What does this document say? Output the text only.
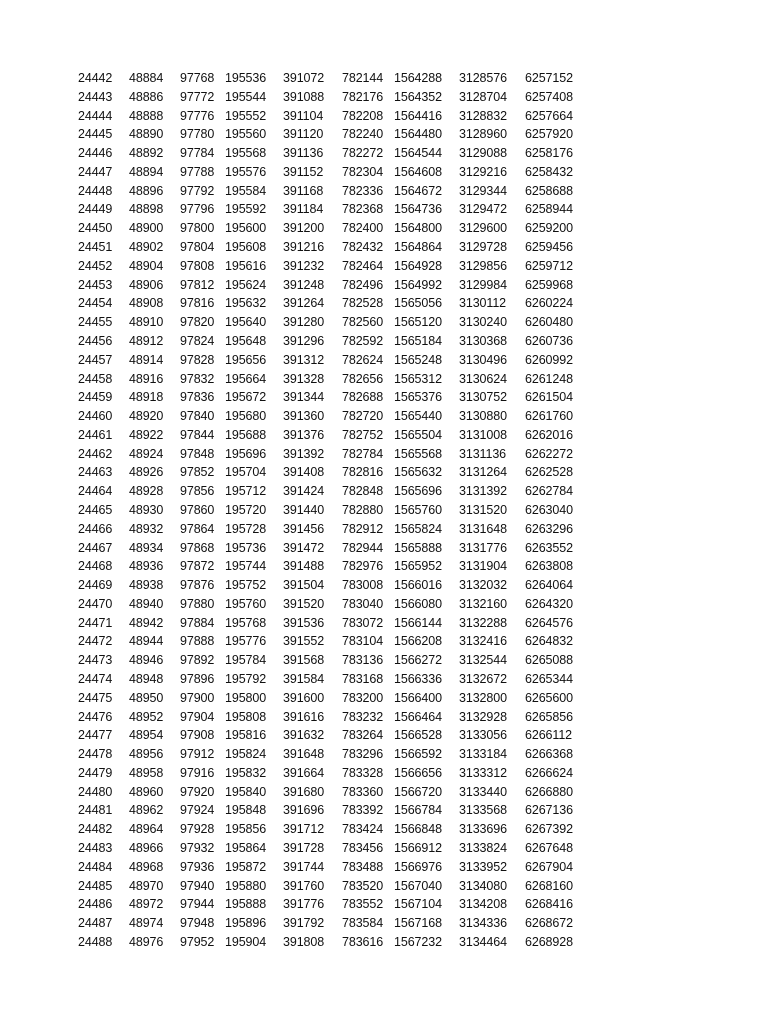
24442 48884 97768 195536 391072 782144 1564288 3128576 6257152
24443 48886 97772 195544 391088 782176 1564352 3128704 6257408
24444 48888 97776 195552 391104 782208 1564416 3128832 6257664
24445 48890 97780 195560 391120 782240 1564480 3128960 6257920
24446 48892 97784 195568 391136 782272 1564544 3129088 6258176
24447 48894 97788 195576 391152 782304 1564608 3129216 6258432
24448 48896 97792 195584 391168 782336 1564672 3129344 6258688
24449 48898 97796 195592 391184 782368 1564736 3129472 6258944
24450 48900 97800 195600 391200 782400 1564800 3129600 6259200
24451 48902 97804 195608 391216 782432 1564864 3129728 6259456
24452 48904 97808 195616 391232 782464 1564928 3129856 6259712
24453 48906 97812 195624 391248 782496 1564992 3129984 6259968
24454 48908 97816 195632 391264 782528 1565056 3130112 6260224
24455 48910 97820 195640 391280 782560 1565120 3130240 6260480
24456 48912 97824 195648 391296 782592 1565184 3130368 6260736
24457 48914 97828 195656 391312 782624 1565248 3130496 6260992
24458 48916 97832 195664 391328 782656 1565312 3130624 6261248
24459 48918 97836 195672 391344 782688 1565376 3130752 6261504
24460 48920 97840 195680 391360 782720 1565440 3130880 6261760
24461 48922 97844 195688 391376 782752 1565504 3131008 6262016
24462 48924 97848 195696 391392 782784 1565568 3131136 6262272
24463 48926 97852 195704 391408 782816 1565632 3131264 6262528
24464 48928 97856 195712 391424 782848 1565696 3131392 6262784
24465 48930 97860 195720 391440 782880 1565760 3131520 6263040
24466 48932 97864 195728 391456 782912 1565824 3131648 6263296
24467 48934 97868 195736 391472 782944 1565888 3131776 6263552
24468 48936 97872 195744 391488 782976 1565952 3131904 6263808
24469 48938 97876 195752 391504 783008 1566016 3132032 6264064
24470 48940 97880 195760 391520 783040 1566080 3132160 6264320
24471 48942 97884 195768 391536 783072 1566144 3132288 6264576
24472 48944 97888 195776 391552 783104 1566208 3132416 6264832
24473 48946 97892 195784 391568 783136 1566272 3132544 6265088
24474 48948 97896 195792 391584 783168 1566336 3132672 6265344
24475 48950 97900 195800 391600 783200 1566400 3132800 6265600
24476 48952 97904 195808 391616 783232 1566464 3132928 6265856
24477 48954 97908 195816 391632 783264 1566528 3133056 6266112
24478 48956 97912 195824 391648 783296 1566592 3133184 6266368
24479 48958 97916 195832 391664 783328 1566656 3133312 6266624
24480 48960 97920 195840 391680 783360 1566720 3133440 6266880
24481 48962 97924 195848 391696 783392 1566784 3133568 6267136
24482 48964 97928 195856 391712 783424 1566848 3133696 6267392
24483 48966 97932 195864 391728 783456 1566912 3133824 6267648
24484 48968 97936 195872 391744 783488 1566976 3133952 6267904
24485 48970 97940 195880 391760 783520 1567040 3134080 6268160
24486 48972 97944 195888 391776 783552 1567104 3134208 6268416
24487 48974 97948 195896 391792 783584 1567168 3134336 6268672
24488 48976 97952 195904 391808 783616 1567232 3134464 6268928
